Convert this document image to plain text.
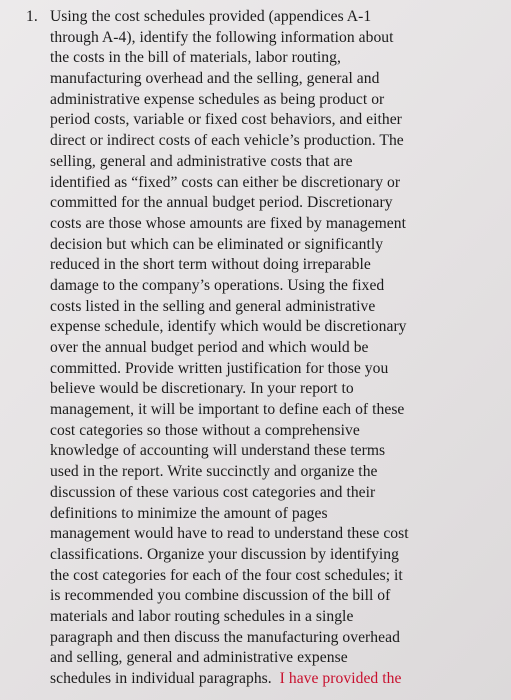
1. Using the cost schedules provided (appendices A-1
through A-4), identify the following information about
the costs in the bill of materials, labor routing,
manufacturing overhead and the selling, general and
administrative expense schedules as being product or
period costs, variable or fixed cost behaviors, and either
direct or indirect costs of each vehicle’s production. The
selling, general and administrative costs that are
identified as “fixed” costs can either be discretionary or
committed for the annual budget period. Discretionary
costs are those whose amounts are fixed by management
decision but which can be eliminated or significantly
reduced in the short term without doing irreparable
damage to the company’s operations. Using the fixed
costs listed in the selling and general administrative
expense schedule, identify which would be discretionary
over the annual budget period and which would be
committed. Provide written justification for those you
believe would be discretionary. In your report to
management, it will be important to define each of these
cost categories so those without a comprehensive
knowledge of accounting will understand these terms
used in the report. Write succinctly and organize the
discussion of these various cost categories and their
definitions to minimize the amount of pages
management would have to read to understand these cost
classifications. Organize your discussion by identifying
the cost categories for each of the four cost schedules; it
is recommended you combine discussion of the bill of
materials and labor routing schedules in a single
paragraph and then discuss the manufacturing overhead
and selling, general and administrative expense
schedules in individual paragraphs. I have provided the
